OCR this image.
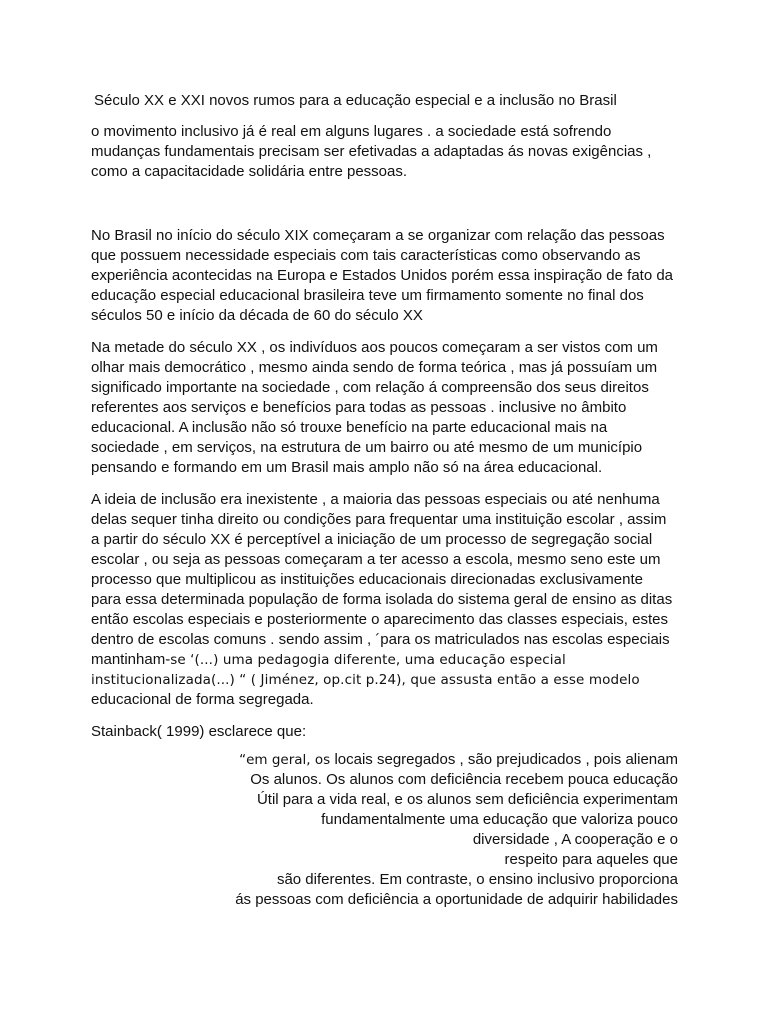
Século XX e XXI novos rumos para a educação especial e a inclusão no Brasil
o movimento inclusivo já é real em alguns lugares . a sociedade está sofrendo
mudanças fundamentais precisam ser efetivadas a adaptadas ás novas exigências ,
como a capacitacidade solidária entre pessoas.
No Brasil no início do século XIX começaram a se organizar com relação das pessoas
que possuem necessidade especiais com tais características como observando as
experiência acontecidas na Europa e Estados Unidos porém essa inspiração de fato da
educação especial educacional brasileira teve um firmamento somente no final dos
séculos 50 e início da década de 60 do século XX
Na metade do século XX , os indivíduos aos poucos começaram a ser vistos com um
olhar mais democrático , mesmo ainda sendo de forma teórica , mas já possuíam um
significado importante na sociedade , com relação á compreensão dos seus direitos
referentes aos serviços e benefícios para todas as pessoas . inclusive no âmbito
educacional. A inclusão não só trouxe benefício na parte educacional mais na
sociedade , em serviços, na estrutura de um bairro ou até mesmo de um município
pensando e formando em um Brasil mais amplo não só na área educacional.
A ideia de inclusão era inexistente , a maioria das pessoas especiais ou até nenhuma
delas sequer tinha direito ou condições para frequentar uma instituição escolar , assim
a partir do século XX é perceptível a iniciação de um processo de segregação social
escolar , ou seja as pessoas começaram a ter acesso a escola, mesmo seno este um
processo que multiplicou as instituições educacionais direcionadas exclusivamente
para essa determinada população de forma isolada do sistema geral de ensino as ditas
então escolas especiais e posteriormente o aparecimento das classes especiais, estes
dentro de escolas comuns . sendo assim , ´para os matriculados nas escolas especiais
mantinham-se ‘(...) uma pedagogia diferente, uma educação especial
institucionalizada(...) “ ( Jiménez, op.cit p.24), que assusta então a esse modelo
educacional de forma segregada.
Stainback( 1999) esclarece que:
“em geral, os locais segregados , são prejudicados , pois alienam
Os alunos. Os alunos com deficiência recebem pouca educação
Útil para a vida real, e os alunos sem deficiência experimentam
fundamentalmente uma educação que valoriza pouco
diversidade , A cooperação e o
respeito para aqueles que
são diferentes. Em contraste, o ensino inclusivo proporciona
ás pessoas com deficiência a oportunidade de adquirir habilidades
